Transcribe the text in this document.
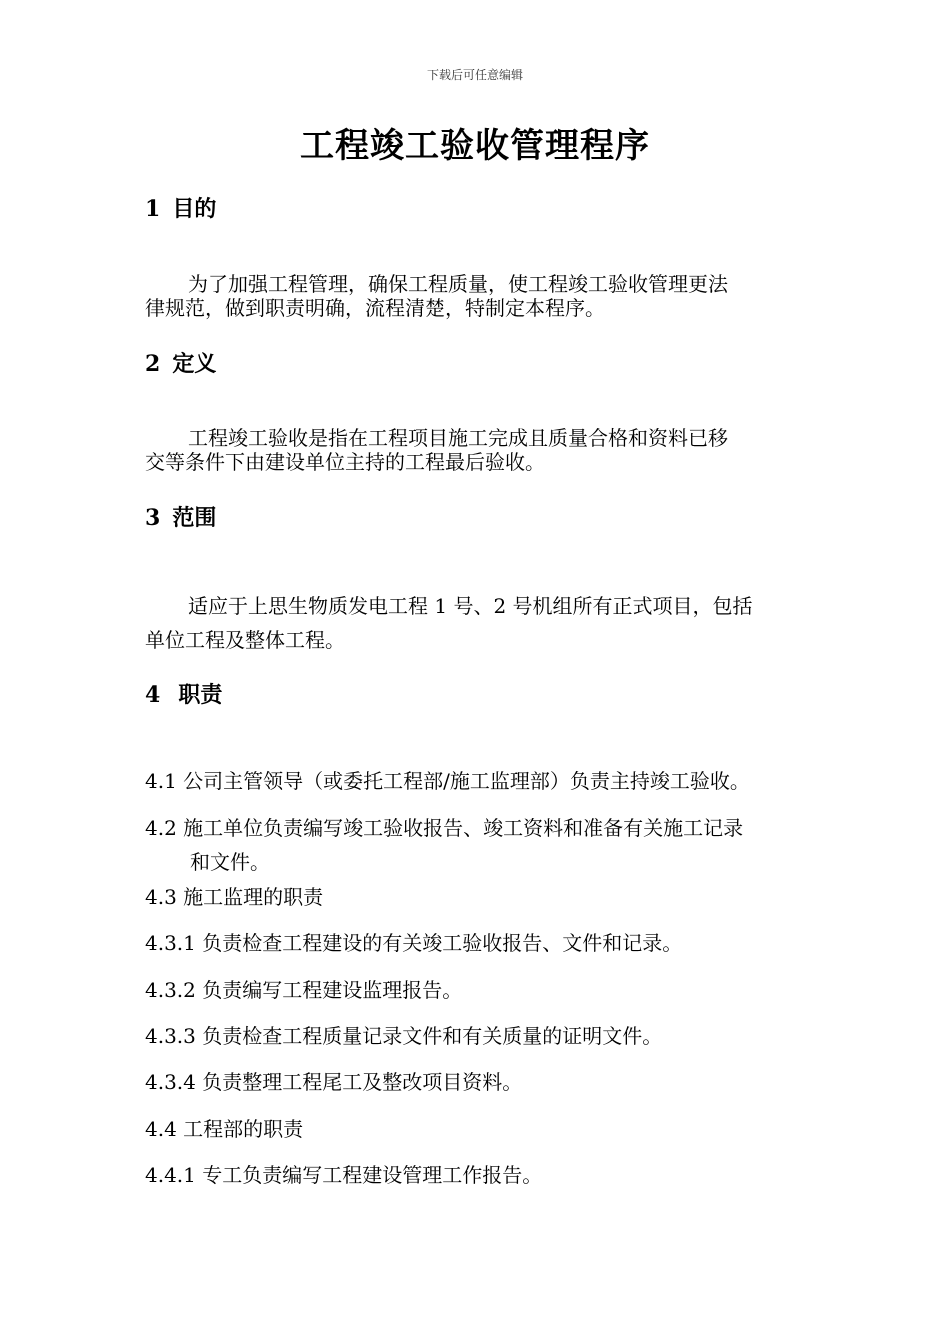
下载后可任意编辑
工程竣工验收管理程序
1 目的
为了加强工程管理，确保工程质量，使工程竣工验收管理更法
律规范，做到职责明确，流程清楚，特制定本程序。
2 定义
工程竣工验收是指在工程项目施工完成且质量合格和资料已移
交等条件下由建设单位主持的工程最后验收。
3 范围
适应于上思生物质发电工程 1 号、2 号机组所有正式项目，包括
单位工程及整体工程。
4 职责
4.1 公司主管领导（或委托工程部/施工监理部）负责主持竣工验收。
4.2 施工单位负责编写竣工验收报告、竣工资料和准备有关施工记录
和文件。
4.3 施工监理的职责
4.3.1 负责检查工程建设的有关竣工验收报告、文件和记录。
4.3.2 负责编写工程建设监理报告。
4.3.3 负责检查工程质量记录文件和有关质量的证明文件。
4.3.4 负责整理工程尾工及整改项目资料。
4.4 工程部的职责
4.4.1 专工负责编写工程建设管理工作报告。
